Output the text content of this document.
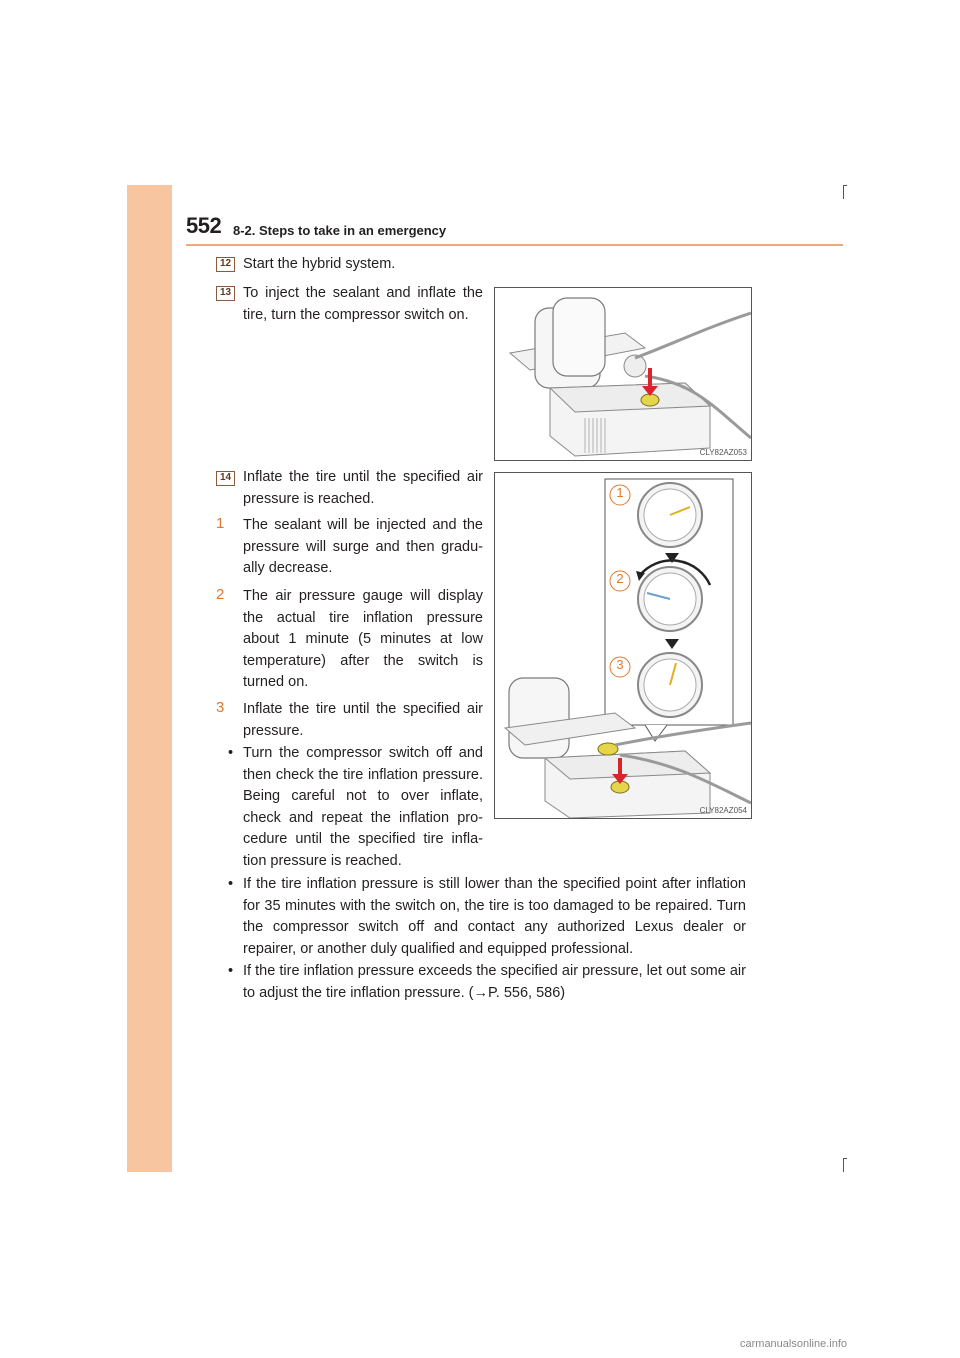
552 8-2. Steps to take in an emergency
12 Start the hybrid system.
13 To inject the sealant and inflate the
tire, turn the compressor switch on.
14 Inflate the tire until the specified air
pressure is reached.
1 The sealant will be injected and the
pressure will surge and then gradu-
ally decrease.
2 The air pressure gauge will display
the actual tire inflation pressure
about 1 minute (5 minutes at low
temperature) after the switch is
turned on.
3 Inflate the tire until the specified air
pressure.
• Turn the compressor switch off and
then check the tire inflation pressure.
Being careful not to over inflate,
check and repeat the inflation pro-
cedure until the specified tire infla-
tion pressure is reached.
• If the tire inflation pressure is still lower than the specified point after inflation
for 35 minutes with the switch on, the tire is too damaged to be repaired. Turn
the compressor switch off and contact any authorized Lexus dealer or
repairer, or another duly qualified and equipped professional.
• If the tire inflation pressure exceeds the specified air pressure, let out some air
to adjust the tire inflation pressure. (→P. 556, 586)
CLY82AZ053
1
2
3
CLY82AZ054
carmanualsonline.info
